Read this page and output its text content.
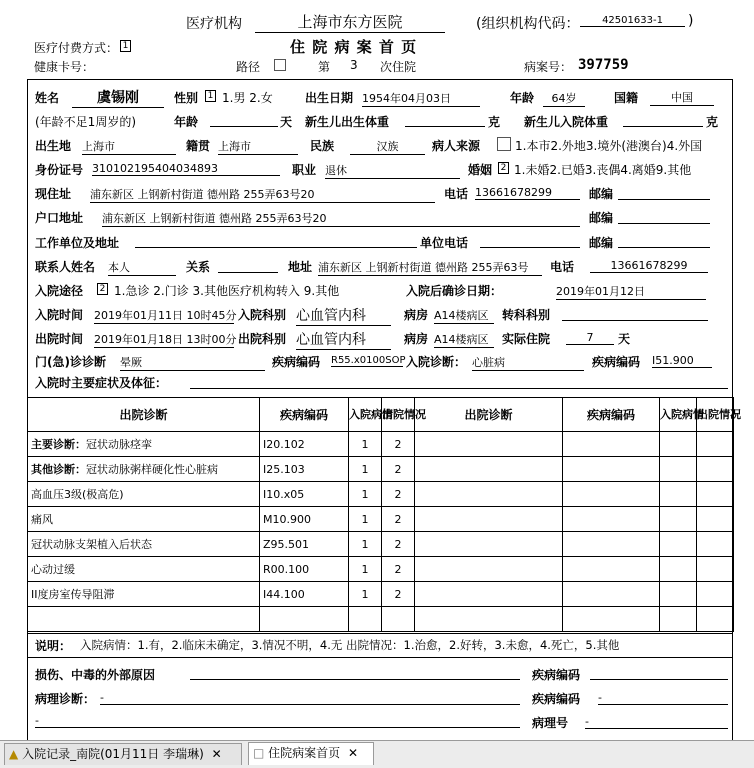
医疗机构	上海市东方医院	(组织机构代码：	42501633-1	)
医疗付费方式： 1	住 院 病 案 首 页
健康卡号：	路径	第 3 次住院	病案号： 397759
姓名	虞锡刚	性别 1 1.男 2.女	出生日期 1954年04月03日	年龄	64岁	国籍	中国
(年龄不足1周岁的)	年龄	天 新生儿出生体重	克 新生儿入院体重	克
出生地 上海市	籍贯 上海市	民族	汉族	病人来源	1.本市2.外地3.境外(港澳台)4.外国
身份证号 310102195404034893	职业 退休	婚姻 2 1.未婚2.已婚3.丧偶4.离婚9.其他
现住址 浦东新区 上钢新村街道 德州路 255弄63号20	电话 13661678299	邮编
户口地址 浦东新区 上钢新村街道 德州路 255弄63号20	邮编
工作单位及地址	单位电话	邮编
联系人姓名 本人	关系	地址 浦东新区 上钢新村街道 德州路 255弄63号	电话	13661678299
入院途径 2 1.急诊 2.门诊 3.其他医疗机构转入 9.其他	入院后确诊日期：	2019年01月12日
入院时间 2019年01月11日 10时45分 入院科别 心血管内科	病房 A14楼病区	转科科别
出院时间 2019年01月18日 13时00分 出院科别 心血管内科	病房 A14楼病区	实际住院	7	天
门(急)诊诊断 晕厥	疾病编码 R55.x0100SOP 入院诊断： 心脏病	疾病编码 I51.900
入院时主要症状及体征：
出院诊断	疾病编码	入院病情	出院情况	出院诊断	疾病编码	入院病情	出院情况
主要诊断：冠状动脉痉挛	I20.102	1	2				
其他诊断：冠状动脉粥样硬化性心脏病	I25.103	1	2				
高血压3级(极高危)	I10.x05	1	2				
痛风	M10.900	1	2				
冠状动脉支架植入后状态	Z95.501	1	2				
心动过缓	R00.100	1	2				
II度房室传导阻滞	I44.100	1	2				

说明： 入院病情：1.有，2.临床未确定，3.情况不明，4.无 出院情况：1.治愈，2.好转，3.未愈，4.死亡，5.其他
损伤、中毒的外部原因	疾病编码
病理诊断： -	疾病编码 -
-	病理号 -
▲ 入院记录_南院(01月11日 李瑞琳) ✕	□ 住院病案首页 ✕
